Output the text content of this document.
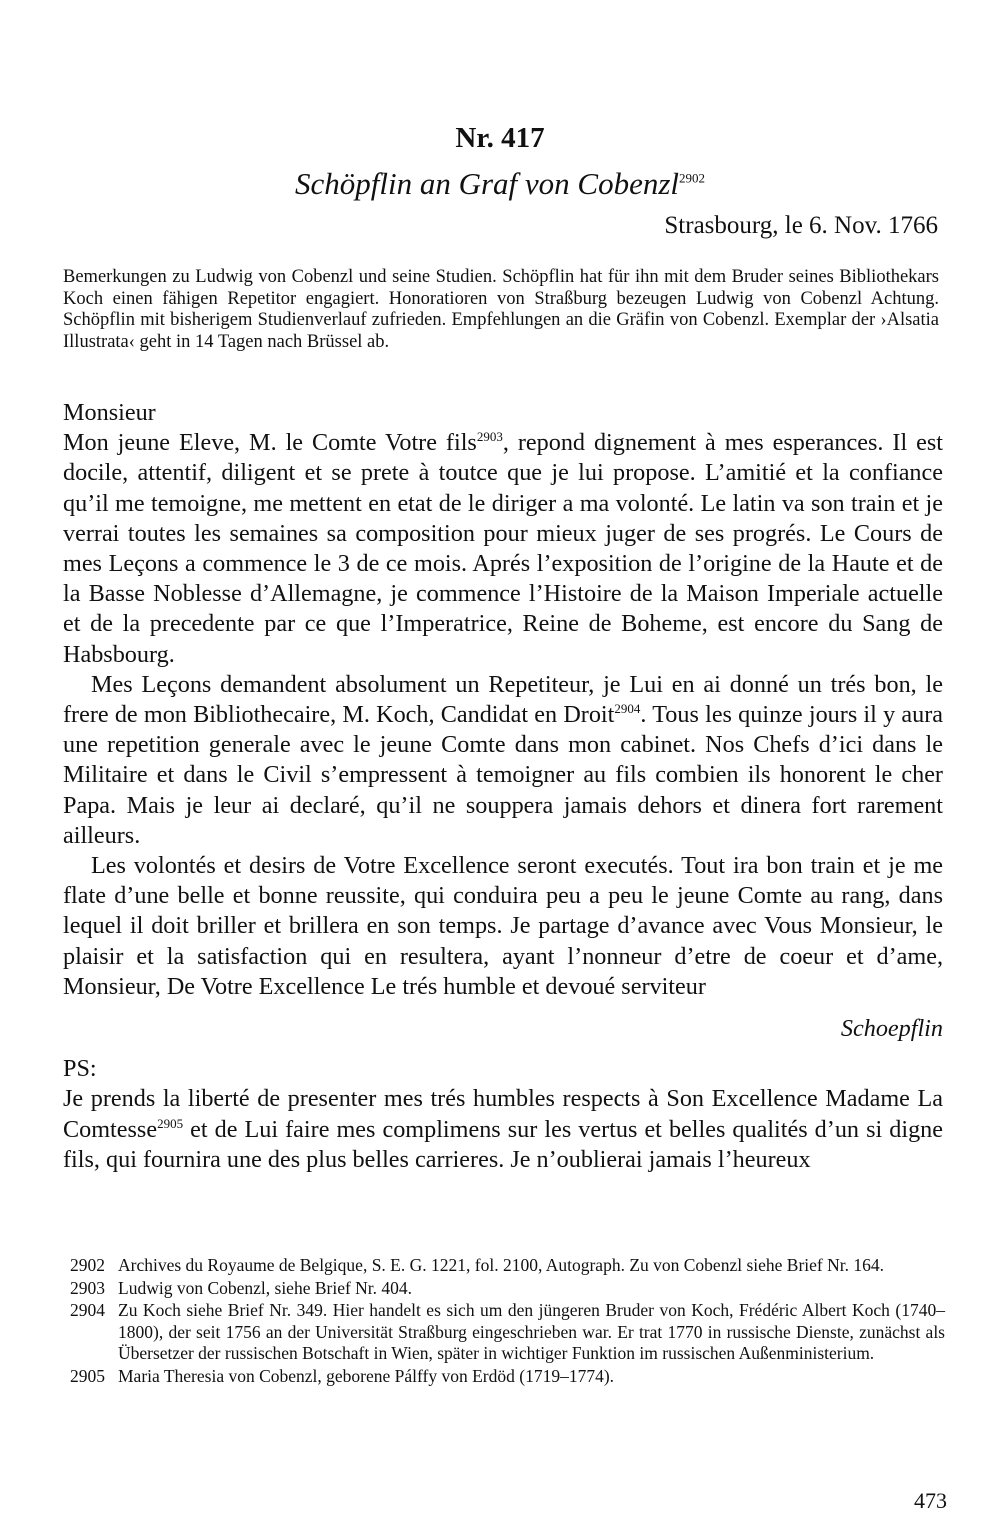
Nr. 417
Schöpflin an Graf von Cobenzl$^{2902}$
Strasbourg, le 6. Nov. 1766
Bemerkungen zu Ludwig von Cobenzl und seine Studien. Schöpflin hat für ihn mit dem Bruder seines Bibliothekars Koch einen fähigen Repetitor engagiert. Honoratioren von Straßburg bezeugen Ludwig von Cobenzl Achtung. Schöpflin mit bisherigem Studienverlauf zufrieden. Empfehlungen an die Gräfin von Cobenzl. Exemplar der ›Alsatia Illustrata‹ geht in 14 Tagen nach Brüssel ab.

Monsieur

Mon jeune Eleve, M. le Comte Votre fils$^{2903}$, repond dignement à mes esperances. Il est docile, attentif, diligent et se prete à toutce que je lui propose. L’amitié et la confiance qu’il me temoigne, me mettent en etat de le diriger a ma volonté. Le latin va son train et je verrai toutes les semaines sa composition pour mieux juger de ses progrés. Le Cours de mes Leçons a commence le 3 de ce mois. Aprés l’exposition de l’origine de la Haute et de la Basse Noblesse d’Allemagne, je commence l’Histoire de la Maison Imperiale actuelle et de la precedente par ce que l’Imperatrice, Reine de Boheme, est encore du Sang de Habsbourg.

Mes Leçons demandent absolument un Repetiteur, je Lui en ai donné un trés bon, le frere de mon Bibliothecaire, M. Koch, Candidat en Droit$^{2904}$. Tous les quinze jours il y aura une repetition generale avec le jeune Comte dans mon cabinet. Nos Chefs d’ici dans le Militaire et dans le Civil s’empressent à temoigner au fils combien ils honorent le cher Papa. Mais je leur ai declaré, qu’il ne souppera jamais dehors et dinera fort rarement ailleurs.

Les volontés et desirs de Votre Excellence seront executés. Tout ira bon train et je me flate d’une belle et bonne reussite, qui conduira peu a peu le jeune Comte au rang, dans lequel il doit briller et brillera en son temps. Je partage d’avance avec Vous Monsieur, le plaisir et la satisfaction qui en resultera, ayant l’nonneur d’etre de coeur et d’ame, Monsieur, De Votre Excellence Le trés humble et devoué serviteur

Schoepflin

PS:

Je prends la liberté de presenter mes trés humbles respects à Son Excellence Madame La Comtesse$^{2905}$ et de Lui faire mes complimens sur les vertus et belles qualités d’un si digne fils, qui fournira une des plus belles carrieres. Je n’oublierai jamais l’heureux

2902 Archives du Royaume de Belgique, S. E. G. 1221, fol. 2100, Autograph. Zu von Cobenzl siehe Brief Nr. 164.
2903 Ludwig von Cobenzl, siehe Brief Nr. 404.
2904 Zu Koch siehe Brief Nr. 349. Hier handelt es sich um den jüngeren Bruder von Koch, Frédéric Albert Koch (1740–1800), der seit 1756 an der Universität Straßburg eingeschrieben war. Er trat 1770 in russische Dienste, zunächst als Übersetzer der russischen Botschaft in Wien, später in wichtiger Funktion im russischen Außenministerium.
2905 Maria Theresia von Cobenzl, geborene Pálffy von Erdöd (1719–1774).
473
